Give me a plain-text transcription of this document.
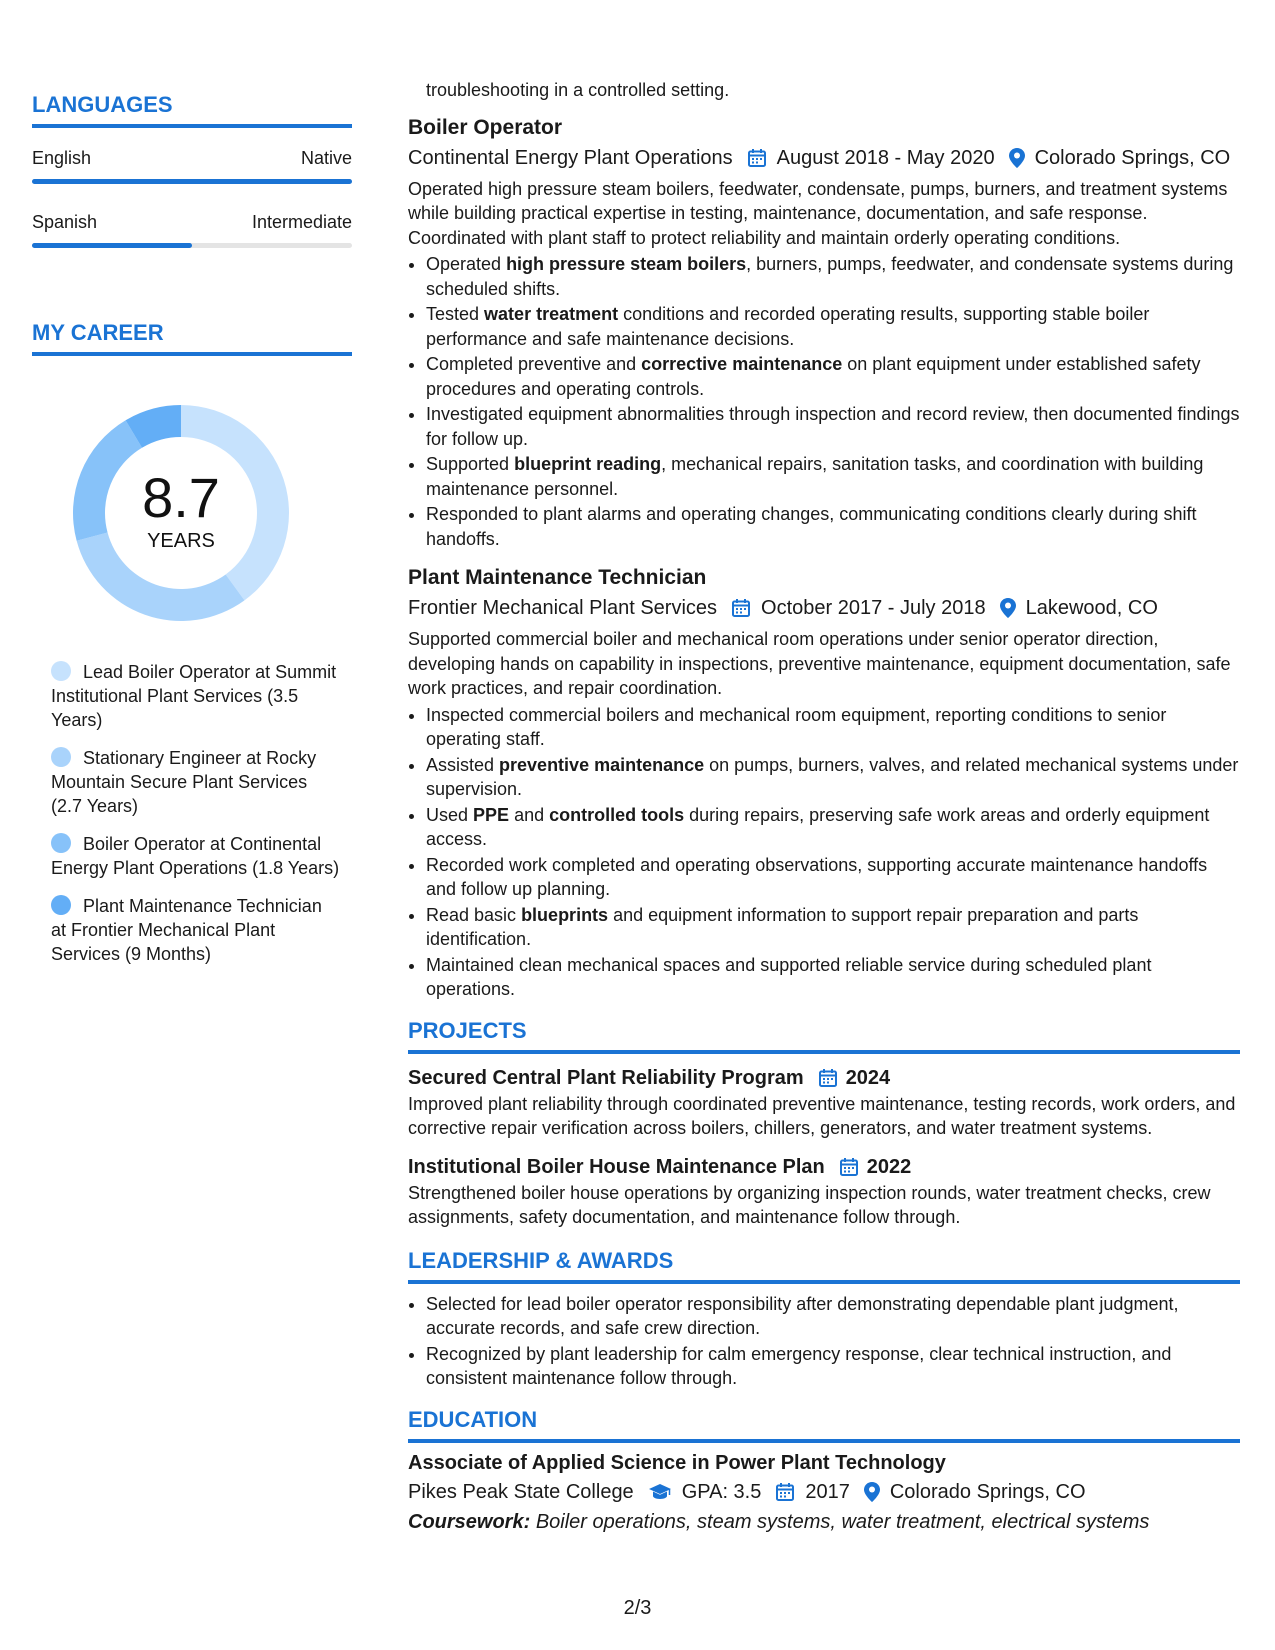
LANGUAGES
English	Native
Spanish	Intermediate
MY CAREER
8.7
YEARS
Lead Boiler Operator at Summit Institutional Plant Services (3.5 Years)
Stationary Engineer at Rocky Mountain Secure Plant Services (2.7 Years)
Boiler Operator at Continental Energy Plant Operations (1.8 Years)
Plant Maintenance Technician at Frontier Mechanical Plant Services (9 Months)

troubleshooting in a controlled setting.

Boiler Operator
Continental Energy Plant Operations August 2018 - May 2020 Colorado Springs, CO

Operated high pressure steam boilers, feedwater, condensate, pumps, burners, and treatment systems while building practical expertise in testing, maintenance, documentation, and safe response. Coordinated with plant staff to protect reliability and maintain orderly operating conditions.

• Operated high pressure steam boilers, burners, pumps, feedwater, and condensate systems during scheduled shifts.
• Tested water treatment conditions and recorded operating results, supporting stable boiler performance and safe maintenance decisions.
• Completed preventive and corrective maintenance on plant equipment under established safety procedures and operating controls.
• Investigated equipment abnormalities through inspection and record review, then documented findings for follow up.
• Supported blueprint reading, mechanical repairs, sanitation tasks, and coordination with building maintenance personnel.
• Responded to plant alarms and operating changes, communicating conditions clearly during shift handoffs.
Plant Maintenance Technician
Frontier Mechanical Plant Services October 2017 - July 2018 Lakewood, CO

Supported commercial boiler and mechanical room operations under senior operator direction, developing hands on capability in inspections, preventive maintenance, equipment documentation, safe work practices, and repair coordination.

• Inspected commercial boilers and mechanical room equipment, reporting conditions to senior operating staff.
• Assisted preventive maintenance on pumps, burners, valves, and related mechanical systems under supervision.
• Used PPE and controlled tools during repairs, preserving safe work areas and orderly equipment access.
• Recorded work completed and operating observations, supporting accurate maintenance handoffs and follow up planning.
• Read basic blueprints and equipment information to support repair preparation and parts identification.
• Maintained clean mechanical spaces and supported reliable service during scheduled plant operations.
PROJECTS
Secured Central Plant Reliability Program 2024

Improved plant reliability through coordinated preventive maintenance, testing records, work orders, and corrective repair verification across boilers, chillers, generators, and water treatment systems.

Institutional Boiler House Maintenance Plan 2022

Strengthened boiler house operations by organizing inspection rounds, water treatment checks, crew assignments, safety documentation, and maintenance follow through.

LEADERSHIP & AWARDS
• Selected for lead boiler operator responsibility after demonstrating dependable plant judgment, accurate records, and safe crew direction.
• Recognized by plant leadership for calm emergency response, clear technical instruction, and consistent maintenance follow through.
EDUCATION
Associate of Applied Science in Power Plant Technology
Pikes Peak State College GPA: 3.5 2017 Colorado Springs, CO
Coursework: Boiler operations, steam systems, water treatment, electrical systems
2/3
